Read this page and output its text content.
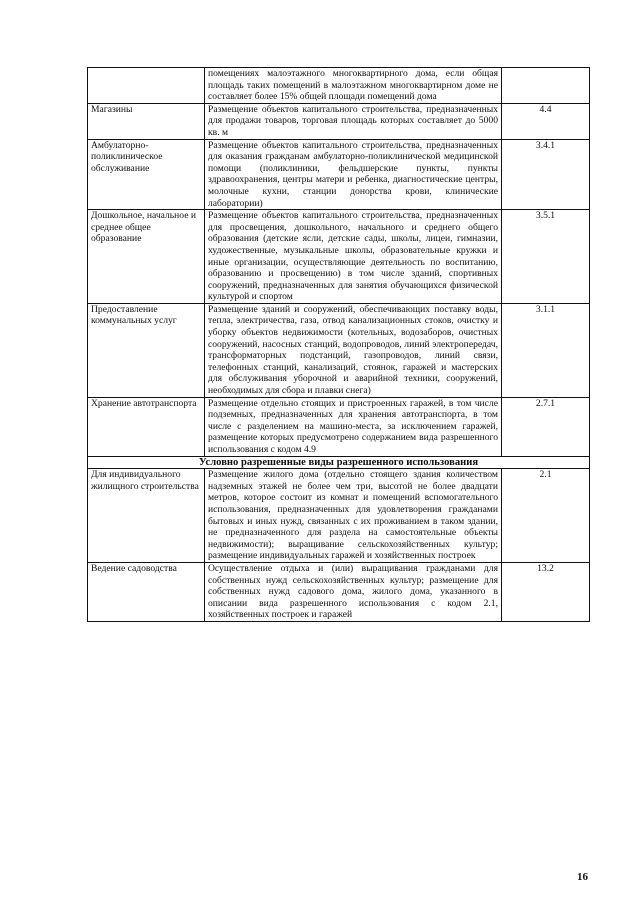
	помещениях малоэтажного многоквартирного дома, если общая площадь таких помещений в малоэтажном многоквартирном доме не составляет более 15% общей площади помещений дома	
Магазины	Размещение объектов капитального строительства, предназначенных для продажи товаров, торговая площадь которых составляет до 5000 кв. м	4.4
Амбулаторно-поликлиническое обслуживание	Размещение объектов капитального строительства, предназначенных для оказания гражданам амбулаторно-поликлинической медицинской помощи (поликлиники, фельдшерские пункты, пункты здравоохранения, центры матери и ребенка, диагностические центры, молочные кухни, станции донорства крови, клинические лаборатории)	3.4.1
Дошкольное, начальное и среднее общее образование	Размещение объектов капитального строительства, предназначенных для просвещения, дошкольного, начального и среднего общего образования (детские ясли, детские сады, школы, лицеи, гимназии, художественные, музыкальные школы, образовательные кружки и иные организации, осуществляющие деятельность по воспитанию, образованию и просвещению) в том числе зданий, спортивных сооружений, предназначенных для занятия обучающихся физической культурой и спортом	3.5.1
Предоставление коммунальных услуг	Размещение зданий и сооружений, обеспечивающих поставку воды, тепла, электричества, газа, отвод канализационных стоков, очистку и уборку объектов недвижимости (котельных, водозаборов, очистных сооружений, насосных станций, водопроводов, линий электропередач, трансформаторных подстанций, газопроводов, линий связи, телефонных станций, канализаций, стоянок, гаражей и мастерских для обслуживания уборочной и аварийной техники, сооружений, необходимых для сбора и плавки снега)	3.1.1
Хранение автотранспорта	Размещение отдельно стоящих и пристроенных гаражей, в том числе подземных, предназначенных для хранения автотранспорта, в том числе с разделением на машино-места, за исключением гаражей, размещение которых предусмотрено содержанием вида разрешенного использования с кодом 4.9	2.7.1
Условно разрешенные виды разрешенного использования		
Для индивидуального жилищного строительства	Размещение жилого дома (отдельно стоящего здания количеством надземных этажей не более чем три, высотой не более двадцати метров, которое состоит из комнат и помещений вспомогательного использования, предназначенных для удовлетворения гражданами бытовых и иных нужд, связанных с их проживанием в таком здании, не предназначенного для раздела на самостоятельные объекты недвижимости); выращивание сельскохозяйственных культур; размещение индивидуальных гаражей и хозяйственных построек	2.1
Ведение садоводства	Осуществление отдыха и (или) выращивания гражданами для собственных нужд сельскохозяйственных культур; размещение для собственных нужд садового дома, жилого дома, указанного в описании вида разрешенного использования с кодом 2.1, хозяйственных построек и гаражей	13.2
16
